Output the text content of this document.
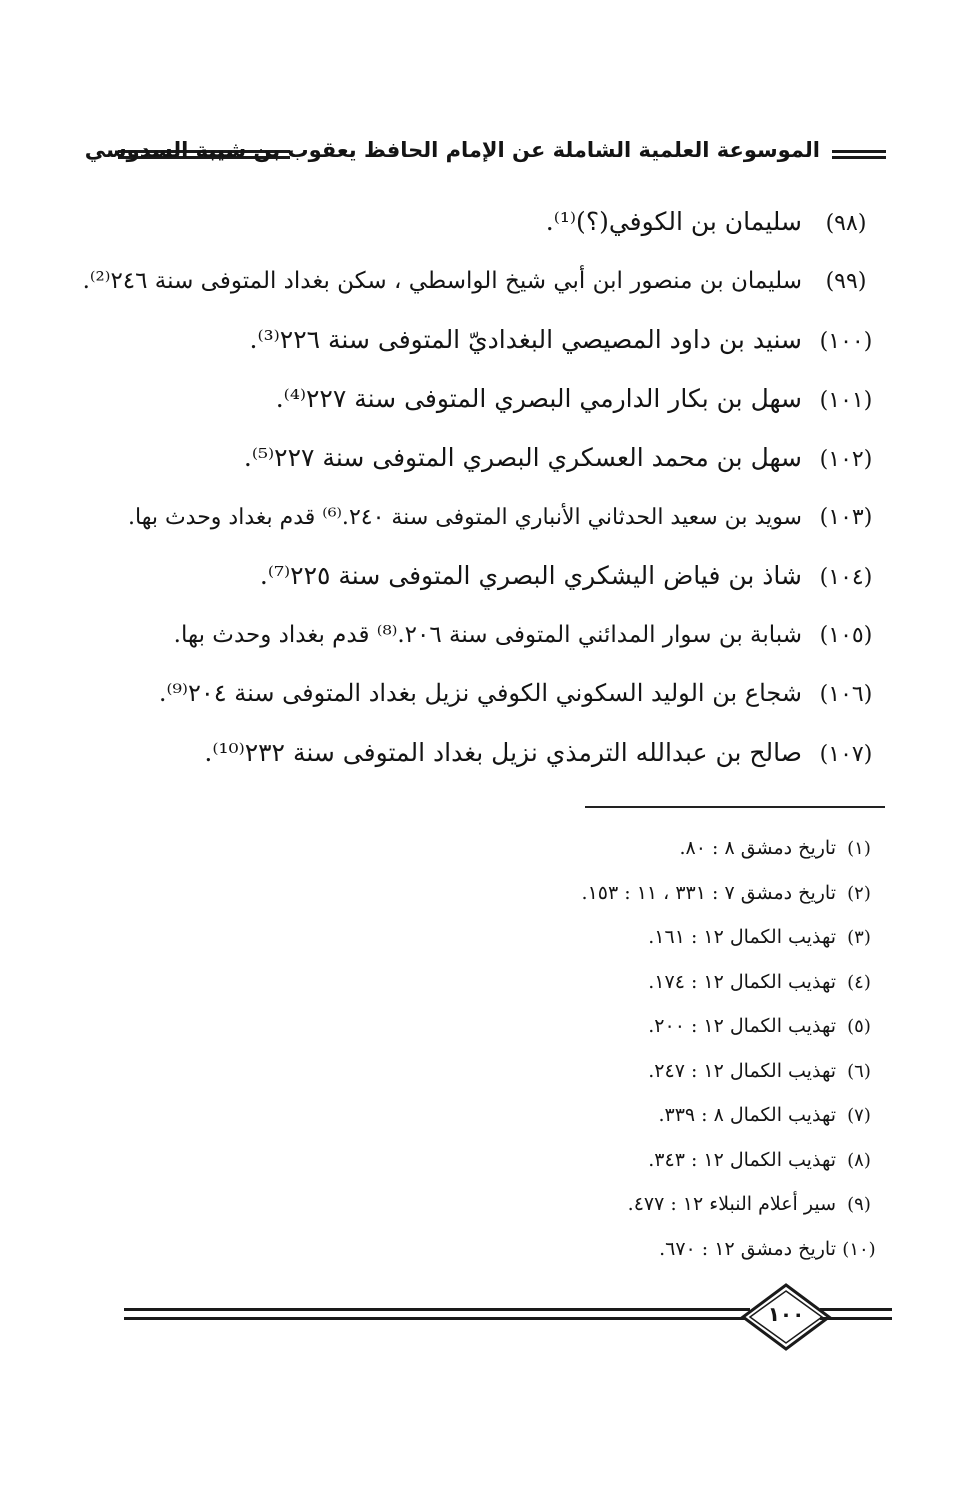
الموسوعة العلمية الشاملة عن الإمام الحافظ يعقوب بن شيبة السدوسي
(٩٨)سليمان بن الكوفي(؟)⁽¹⁾.
(٩٩)سليمان بن منصور ابن أبي شيخ الواسطي ، سكن بغداد المتوفى سنة ٢٤٦⁽²⁾.
(١٠٠)سنيد بن داود المصيصي البغداديّ المتوفى سنة ٢٢٦⁽³⁾.
(١٠١)سهل بن بكار الدارمي البصري المتوفى سنة ٢٢٧⁽⁴⁾.
(١٠٢)سهل بن محمد العسكري البصري المتوفى سنة ٢٢٧⁽⁵⁾.
(١٠٣)سويد بن سعيد الحدثاني الأنباري المتوفى سنة ٢٤٠.⁽⁶⁾ قدم بغداد وحدث بها.
(١٠٤)شاذ بن فياض اليشكري البصري المتوفى سنة ٢٢٥⁽⁷⁾.
(١٠٥)شبابة بن سوار المدائني المتوفى سنة ٢٠٦.⁽⁸⁾ قدم بغداد وحدث بها.
(١٠٦)شجاع بن الوليد السكوني الكوفي نزيل بغداد المتوفى سنة ٢٠٤⁽⁹⁾.
(١٠٧)صالح بن عبدالله الترمذي نزيل بغداد المتوفى سنة ٢٣٢⁽¹⁰⁾.
(١)تاريخ دمشق ٨ : ٨٠.
(٢)تاريخ دمشق ٧ : ٣٣١ ، ١١ : ١٥٣.
(٣)تهذيب الكمال ١٢ : ١٦١.
(٤)تهذيب الكمال ١٢ : ١٧٤.
(٥)تهذيب الكمال ١٢ : ٢٠٠.
(٦)تهذيب الكمال ١٢ : ٢٤٧.
(٧)تهذيب الكمال ٨ : ٣٣٩.
(٨)تهذيب الكمال ١٢ : ٣٤٣.
(٩)سير أعلام النبلاء ١٢ : ٤٧٧.
(١٠)تاريخ دمشق ١٢ : ٦٧٠.
١٠٠
